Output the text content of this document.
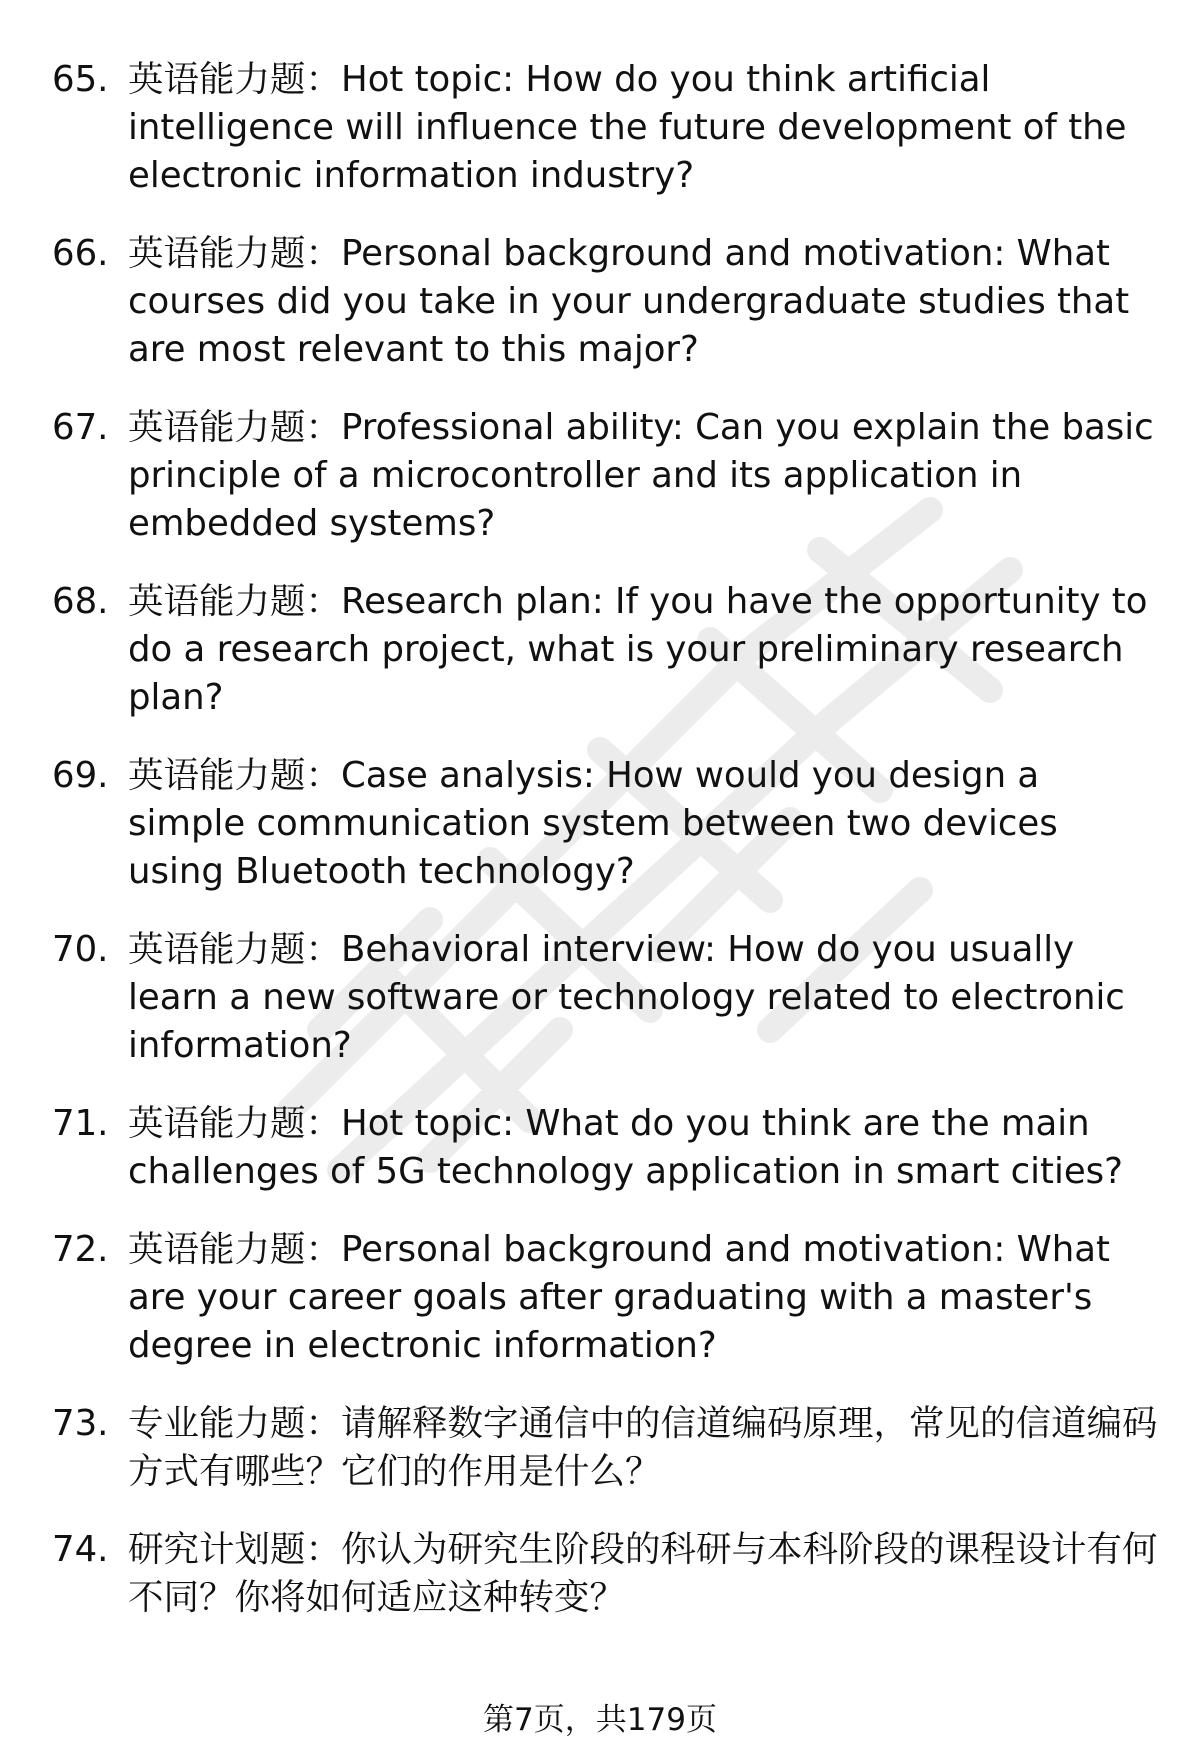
65. 英语能力题：Hot topic: How do you think artificial intelligence will influence the future development of the electronic information industry?
66. 英语能力题：Personal background and motivation: What courses did you take in your undergraduate studies that are most relevant to this major?
67. 英语能力题：Professional ability: Can you explain the basic principle of a microcontroller and its application in embedded systems?
68. 英语能力题：Research plan: If you have the opportunity to do a research project, what is your preliminary research plan?
69. 英语能力题：Case analysis: How would you design a simple communication system between two devices using Bluetooth technology?
70. 英语能力题：Behavioral interview: How do you usually learn a new software or technology related to electronic information?
71. 英语能力题：Hot topic: What do you think are the main challenges of 5G technology application in smart cities?
72. 英语能力题：Personal background and motivation: What are your career goals after graduating with a master's degree in electronic information?
73. 专业能力题：请解释数字通信中的信道编码原理，常见的信道编码方式有哪些？它们的作用是什么？
74. 研究计划题：你认为研究生阶段的科研与本科阶段的课程设计有何不同？你将如何适应这种转变？
第7页，共179页
